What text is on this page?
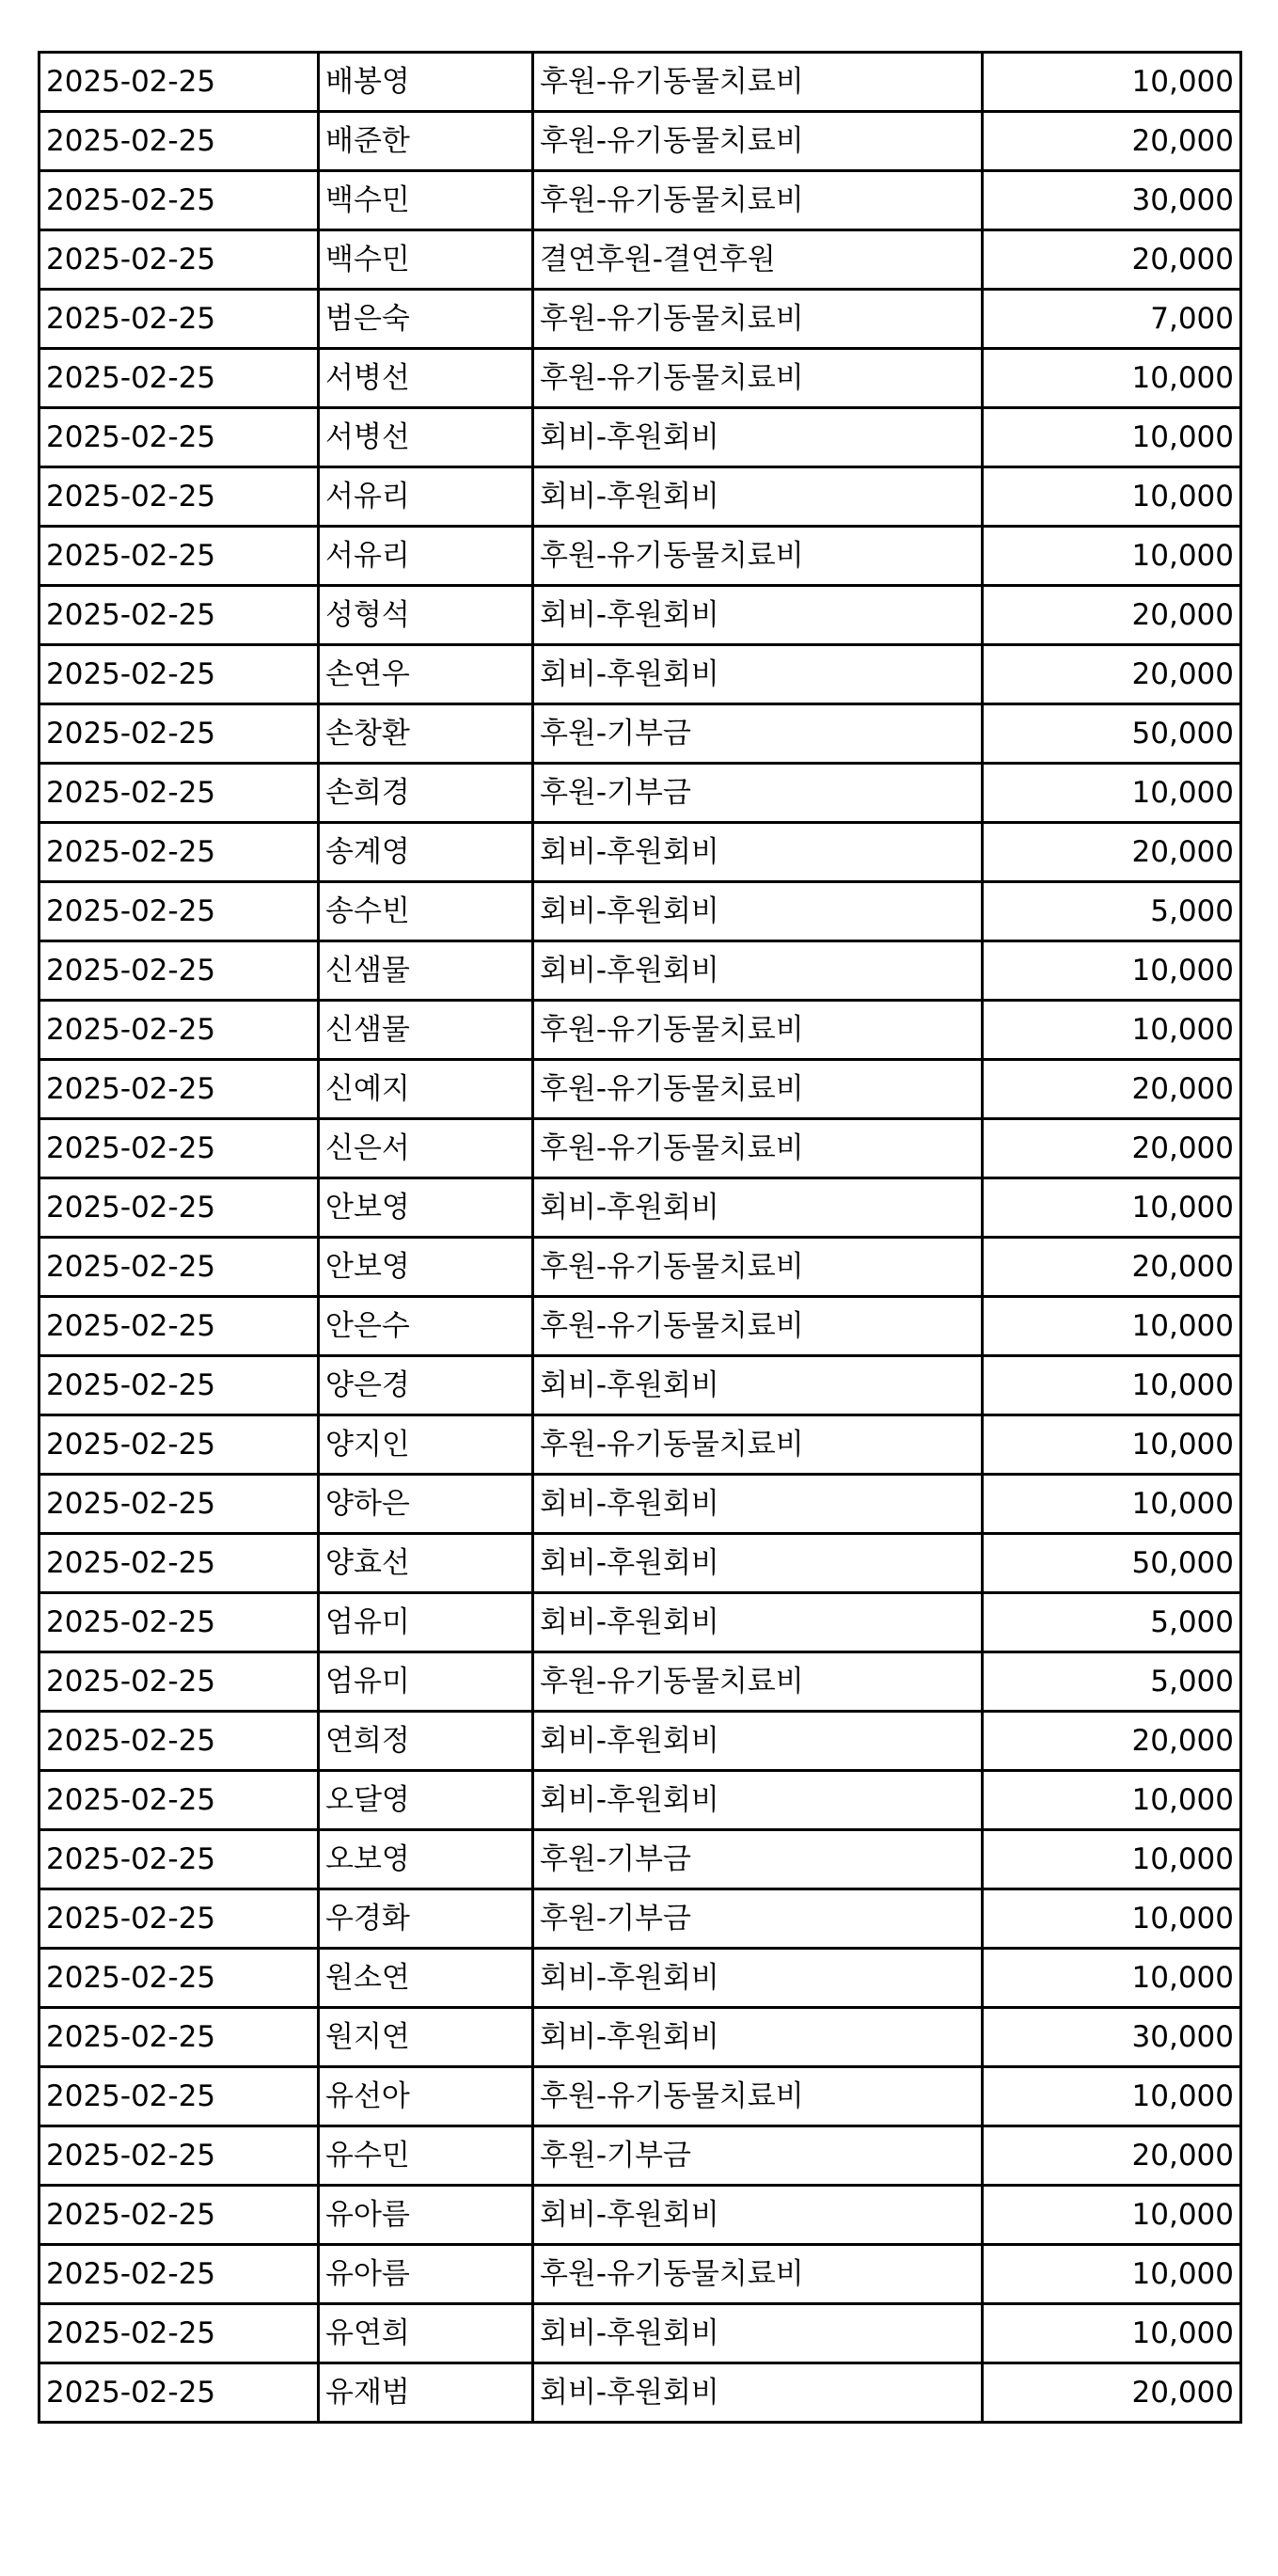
2025-02-25	배봉영	후원-유기동물치료비	10,000
2025-02-25	배준한	후원-유기동물치료비	20,000
2025-02-25	백수민	후원-유기동물치료비	30,000
2025-02-25	백수민	결연후원-결연후원	20,000
2025-02-25	범은숙	후원-유기동물치료비	7,000
2025-02-25	서병선	후원-유기동물치료비	10,000
2025-02-25	서병선	회비-후원회비	10,000
2025-02-25	서유리	회비-후원회비	10,000
2025-02-25	서유리	후원-유기동물치료비	10,000
2025-02-25	성형석	회비-후원회비	20,000
2025-02-25	손연우	회비-후원회비	20,000
2025-02-25	손창환	후원-기부금	50,000
2025-02-25	손희경	후원-기부금	10,000
2025-02-25	송계영	회비-후원회비	20,000
2025-02-25	송수빈	회비-후원회비	5,000
2025-02-25	신샘물	회비-후원회비	10,000
2025-02-25	신샘물	후원-유기동물치료비	10,000
2025-02-25	신예지	후원-유기동물치료비	20,000
2025-02-25	신은서	후원-유기동물치료비	20,000
2025-02-25	안보영	회비-후원회비	10,000
2025-02-25	안보영	후원-유기동물치료비	20,000
2025-02-25	안은수	후원-유기동물치료비	10,000
2025-02-25	양은경	회비-후원회비	10,000
2025-02-25	양지인	후원-유기동물치료비	10,000
2025-02-25	양하은	회비-후원회비	10,000
2025-02-25	양효선	회비-후원회비	50,000
2025-02-25	엄유미	회비-후원회비	5,000
2025-02-25	엄유미	후원-유기동물치료비	5,000
2025-02-25	연희정	회비-후원회비	20,000
2025-02-25	오달영	회비-후원회비	10,000
2025-02-25	오보영	후원-기부금	10,000
2025-02-25	우경화	후원-기부금	10,000
2025-02-25	원소연	회비-후원회비	10,000
2025-02-25	원지연	회비-후원회비	30,000
2025-02-25	유선아	후원-유기동물치료비	10,000
2025-02-25	유수민	후원-기부금	20,000
2025-02-25	유아름	회비-후원회비	10,000
2025-02-25	유아름	후원-유기동물치료비	10,000
2025-02-25	유연희	회비-후원회비	10,000
2025-02-25	유재범	회비-후원회비	20,000
